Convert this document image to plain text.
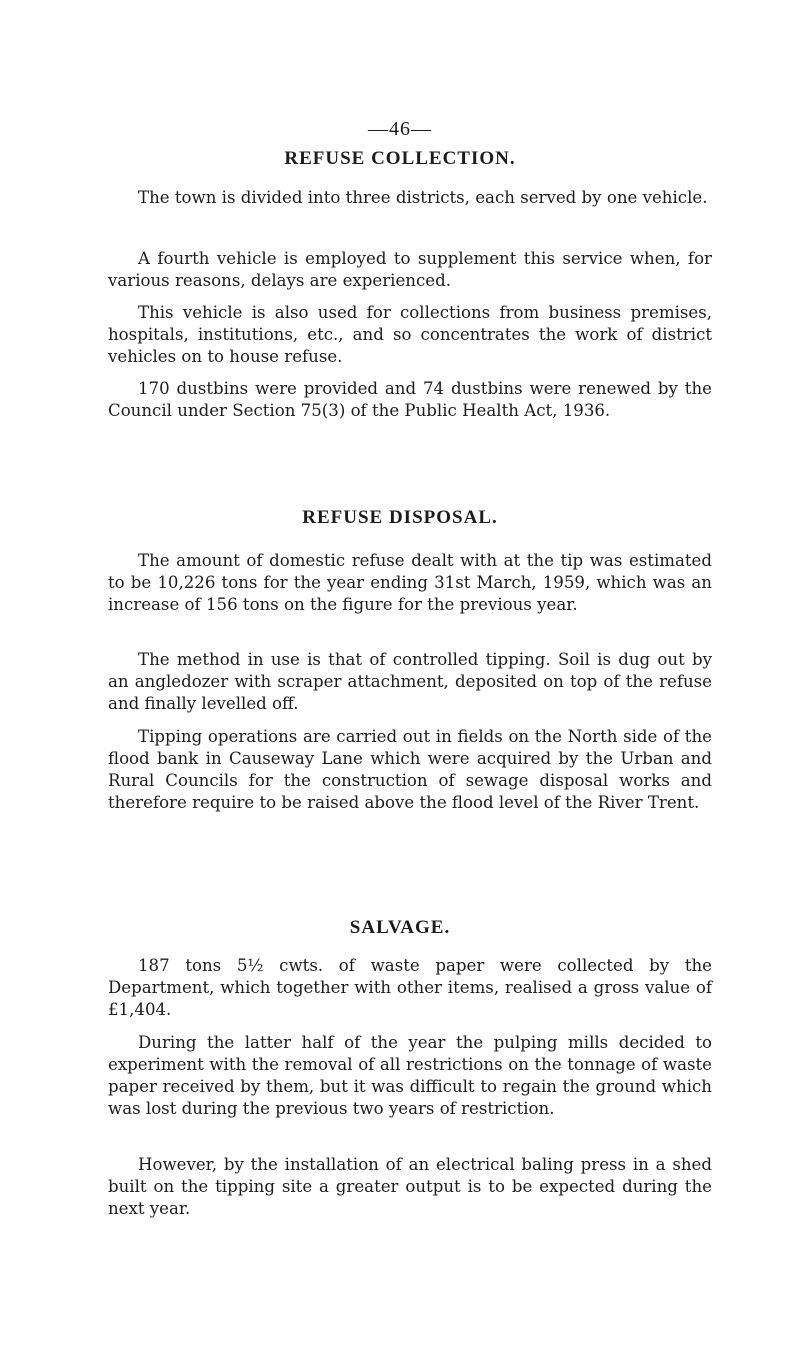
—46—
REFUSE COLLECTION.

The town is divided into three districts, each served by one vehicle.

A fourth vehicle is employed to supplement this service when, for various reasons, delays are experienced.

This vehicle is also used for collections from business premises, hospitals, institutions, etc., and so concentrates the work of district vehicles on to house refuse.

170 dustbins were provided and 74 dustbins were renewed by the Council under Section 75(3) of the Public Health Act, 1936.

REFUSE DISPOSAL.

The amount of domestic refuse dealt with at the tip was estimated to be 10,226 tons for the year ending 31st March, 1959, which was an increase of 156 tons on the figure for the previous year.

The method in use is that of controlled tipping. Soil is dug out by an angledozer with scraper attachment, deposited on top of the refuse and finally levelled off.

Tipping operations are carried out in fields on the North side of the flood bank in Causeway Lane which were acquired by the Urban and Rural Councils for the construction of sewage disposal works and therefore require to be raised above the flood level of the River Trent.

SALVAGE.

187 tons 5½ cwts. of waste paper were collected by the Department, which together with other items, realised a gross value of £1,404.

During the latter half of the year the pulping mills decided to experiment with the removal of all restrictions on the tonnage of waste paper received by them, but it was difficult to regain the ground which was lost during the previous two years of restriction.

However, by the installation of an electrical baling press in a shed built on the tipping site a greater output is to be expected during the next year.
